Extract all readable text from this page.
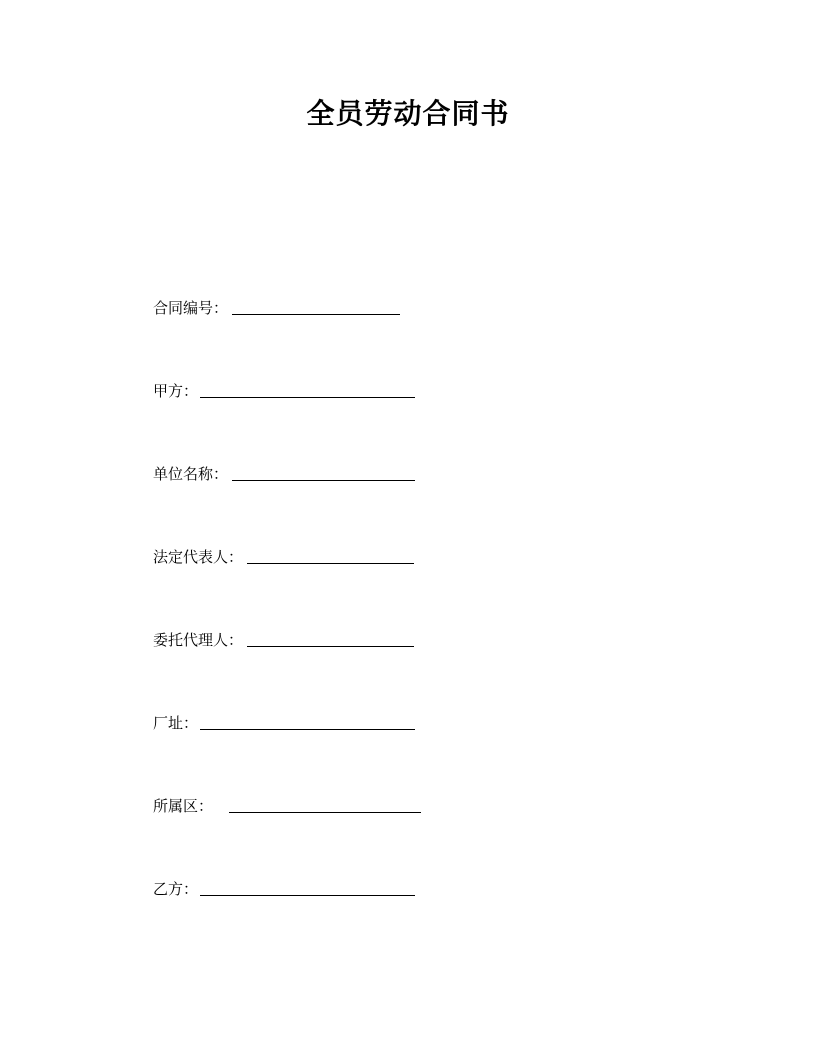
全员劳动合同书
合同编号：
甲方：
单位名称：
法定代表人：
委托代理人：
厂址：
所属区：
乙方：
